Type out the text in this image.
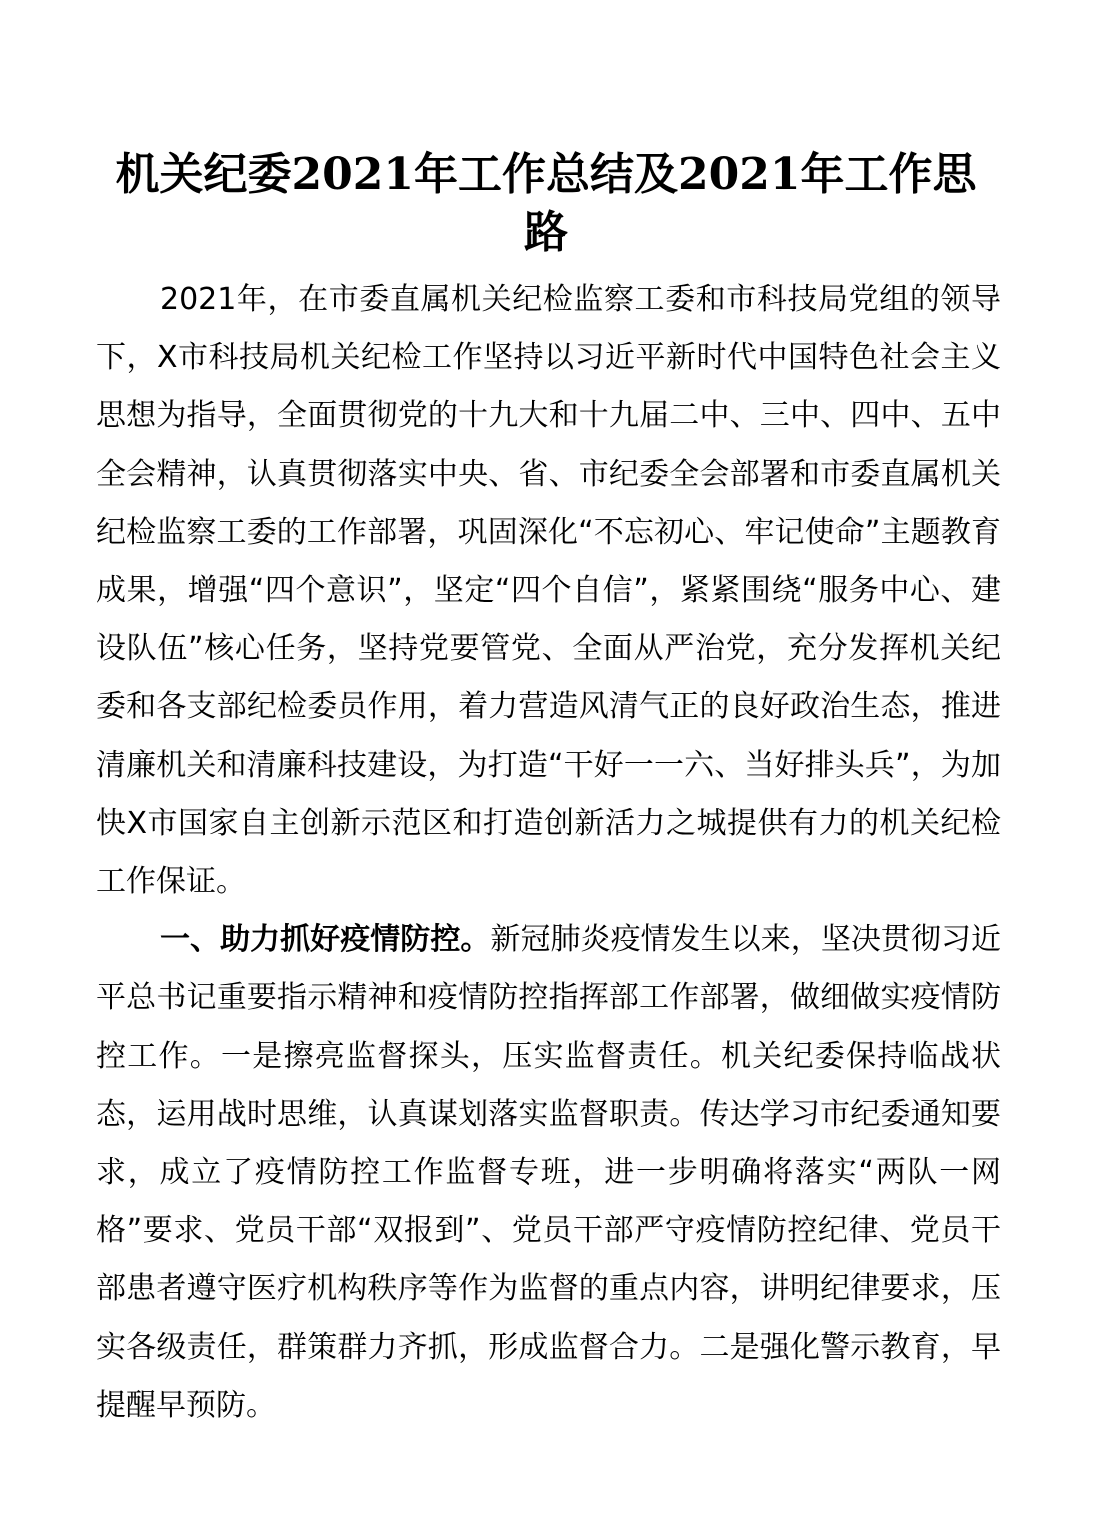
机关纪委2021年工作总结及2021年工作思路

2021年，在市委直属机关纪检监察工委和市科技局党组的领导下，X市科技局机关纪检工作坚持以习近平新时代中国特色社会主义思想为指导，全面贯彻党的十九大和十九届二中、三中、四中、五中全会精神，认真贯彻落实中央、省、市纪委全会部署和市委直属机关纪检监察工委的工作部署，巩固深化“不忘初心、牢记使命”主题教育成果，增强“四个意识”，坚定“四个自信”，紧紧围绕“服务中心、建设队伍”核心任务，坚持党要管党、全面从严治党，充分发挥机关纪委和各支部纪检委员作用，着力营造风清气正的良好政治生态，推进清廉机关和清廉科技建设，为打造“干好一一六、当好排头兵”，为加快X市国家自主创新示范区和打造创新活力之城提供有力的机关纪检工作保证。

一、助力抓好疫情防控。新冠肺炎疫情发生以来，坚决贯彻习近平总书记重要指示精神和疫情防控指挥部工作部署，做细做实疫情防控工作。一是擦亮监督探头，压实监督责任。机关纪委保持临战状态，运用战时思维，认真谋划落实监督职责。传达学习市纪委通知要求，成立了疫情防控工作监督专班，进一步明确将落实“两队一网格”要求、党员干部“双报到”、党员干部严守疫情防控纪律、党员干部患者遵守医疗机构秩序等作为监督的重点内容，讲明纪律要求，压实各级责任，群策群力齐抓，形成监督合力。二是强化警示教育，早提醒早预防。
